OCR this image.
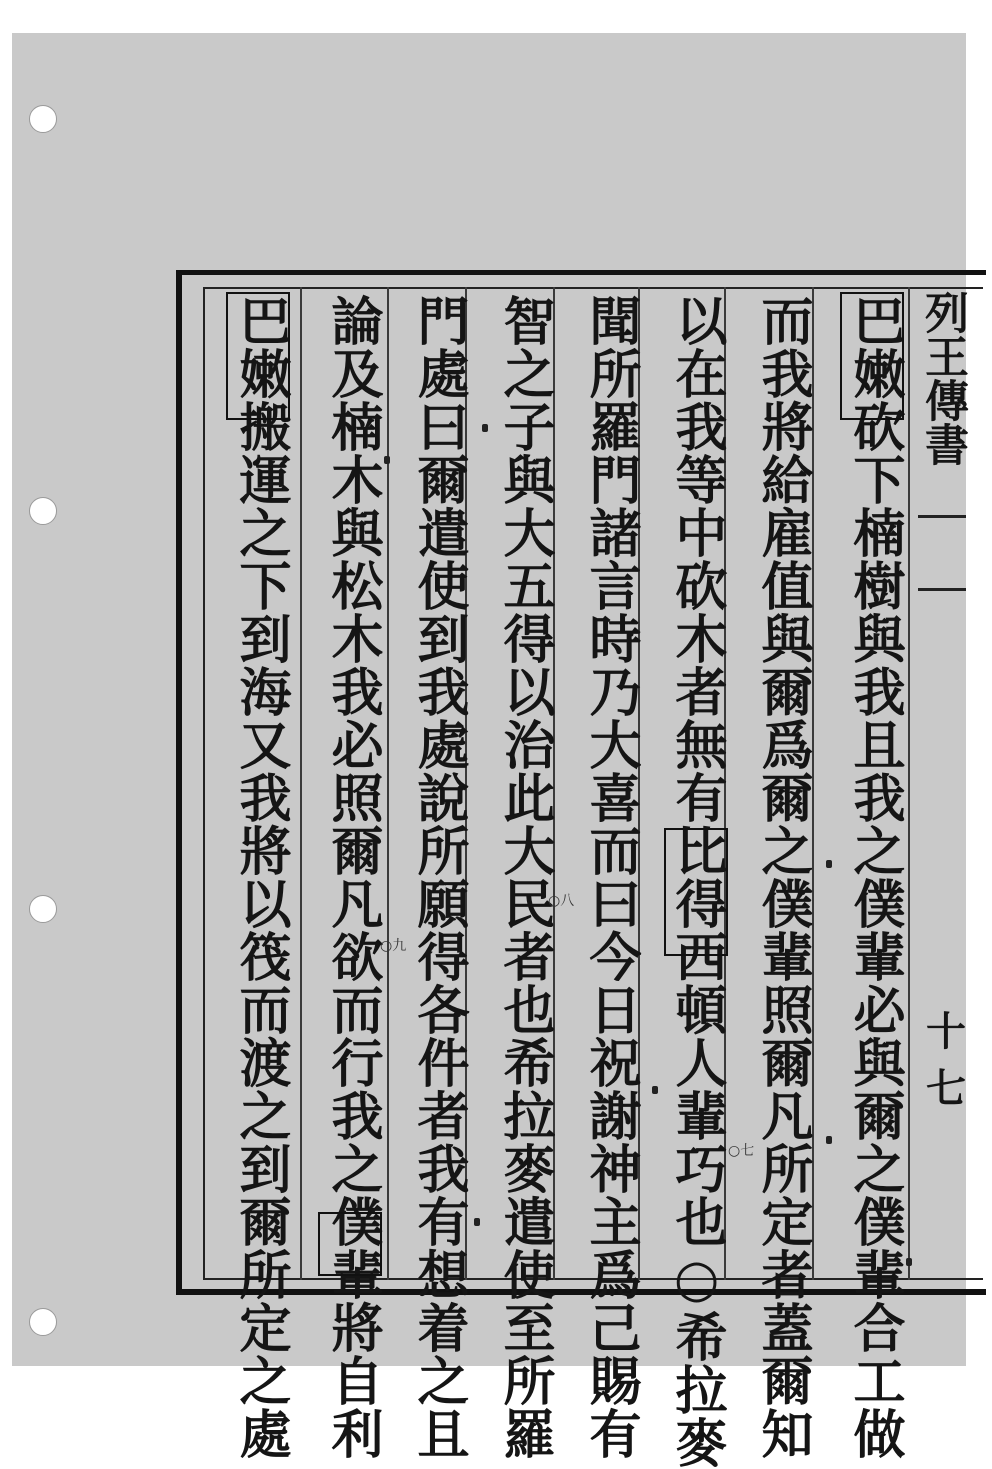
列王傳書
十七
巴嫩砍下楠樹與我且我之僕輩必與爾之僕輩合工做
而我將給雇值與爾爲爾之僕輩照爾凡所定者蓋爾知
以在我等中砍木者無有比得西頓人輩巧也○希拉麥
聞所羅門諸言時乃大喜而曰今日祝謝神主爲己賜有
智之子與大五得以治此大民者也希拉麥遣使至所羅
門處曰爾遣使到我處說所願得各件者我有想着之且
論及楠木與松木我必照爾凡欲而行我之僕輩將自利
巴嫩搬運之下到海又我將以筏而渡之到爾所定之處	○七
○八
○九
